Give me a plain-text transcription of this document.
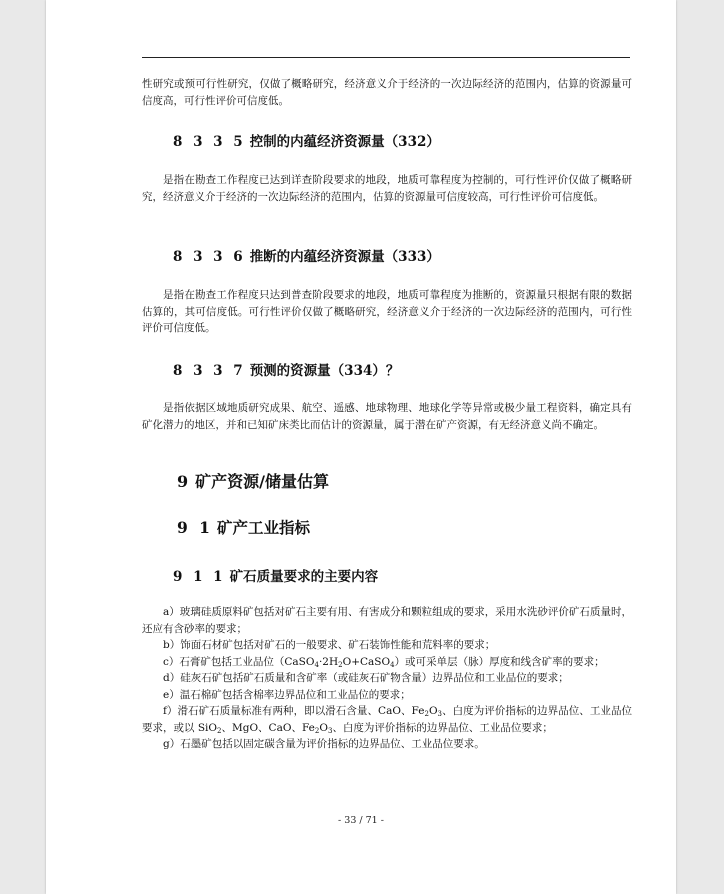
性研究或预可行性研究，仅做了概略研究，经济意义介于经济的一次边际经济的范围内，估算的资源量可信度高，可行性评价可信度低。

8 3 3 5 控制的内蕴经济资源量（332）

是指在勘查工作程度已达到详查阶段要求的地段，地质可靠程度为控制的，可行性评价仅做了概略研究，经济意义介于经济的一次边际经济的范围内，估算的资源量可信度较高，可行性评价可信度低。

8 3 3 6 推断的内蕴经济资源量（333）

是指在勘查工作程度只达到普查阶段要求的地段，地质可靠程度为推断的，资源量只根据有限的数据估算的，其可信度低。可行性评价仅做了概略研究，经济意义介于经济的一次边际经济的范围内，可行性评价可信度低。

8 3 3 7 预测的资源量（334）？

是指依据区域地质研究成果、航空、遥感、地球物理、地球化学等异常或极少量工程资料，确定具有矿化潜力的地区，并和已知矿床类比而估计的资源量，属于潜在矿产资源，有无经济意义尚不确定。

9 矿产资源/储量估算

9 1 矿产工业指标

9 1 1 矿石质量要求的主要内容

a）玻璃硅质原料矿包括对矿石主要有用、有害成分和颗粒组成的要求，采用水洗砂评价矿石质量时，还应有含砂率的要求；

b）饰面石材矿包括对矿石的一般要求、矿石装饰性能和荒料率的要求；

c）石膏矿包括工业品位$(CaSO_4\cdot 2H_2O+CaSO_4)$或可采单层（脉）厚度和线含矿率的要求；

d）硅灰石矿包括矿石质量和含矿率（或硅灰石矿物含量）边界品位和工业品位的要求；

e）温石棉矿包括含棉率边界品位和工业品位的要求；

f）滑石矿石质量标准有两种，即以滑石含量、CaO、$Fe_2O_3$、白度为评价指标的边界品位、工业品位要求，或以 SiO$_2$、MgO、CaO、$Fe_2O_3$、白度为评价指标的边界品位、工业品位要求；

g）石墨矿包括以固定碳含量为评价指标的边界品位、工业品位要求。

- 33 / 71 -
